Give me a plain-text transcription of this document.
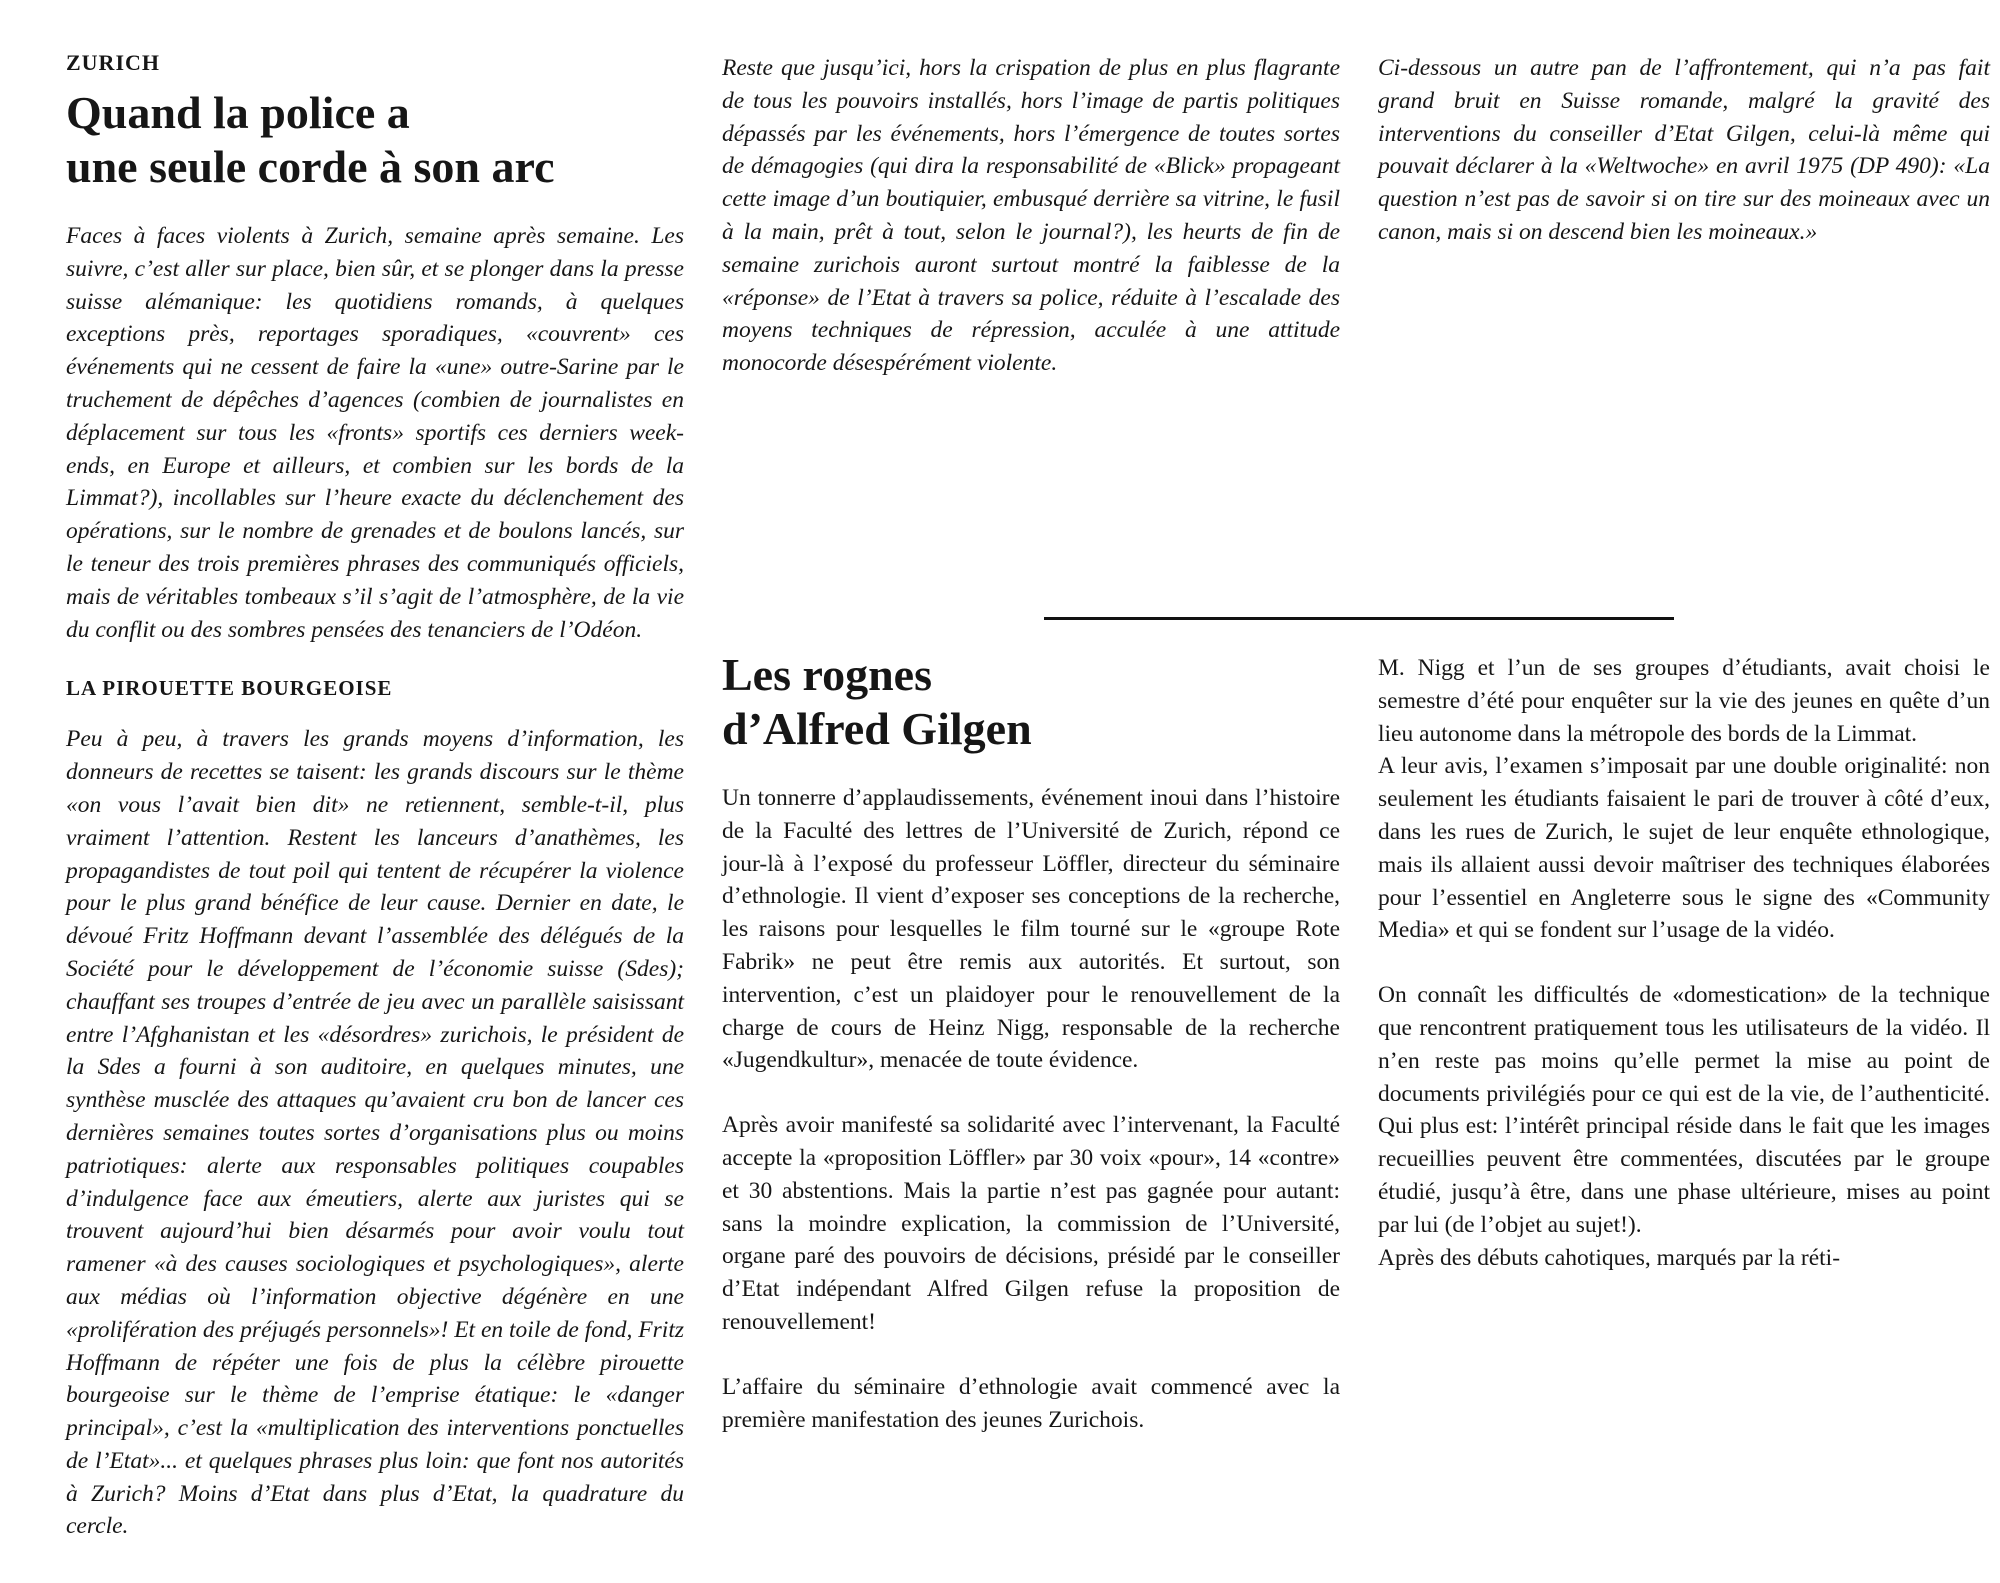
ZURICH
Quand la police a
une seule corde à son arc

Faces à faces violents à Zurich, semaine après semaine. Les suivre, c’est aller sur place, bien sûr, et se plonger dans la presse suisse alémanique: les quotidiens romands, à quelques exceptions près, reportages sporadiques, «couvrent» ces événements qui ne cessent de faire la «une» outre-Sarine par le truchement de dépêches d’agences (combien de journalistes en déplacement sur tous les «fronts» sportifs ces derniers week-ends, en Europe et ailleurs, et combien sur les bords de la Limmat?), incollables sur l’heure exacte du déclenchement des opérations, sur le nombre de grenades et de boulons lancés, sur le teneur des trois premières phrases des communiqués officiels, mais de véritables tombeaux s’il s’agit de l’atmosphère, de la vie du conflit ou des sombres pensées des tenanciers de l’Odéon.

LA PIROUETTE BOURGEOISE

Peu à peu, à travers les grands moyens d’information, les donneurs de recettes se taisent: les grands discours sur le thème «on vous l’avait bien dit» ne retiennent, semble-t-il, plus vraiment l’attention. Restent les lanceurs d’anathèmes, les propagandistes de tout poil qui tentent de récupérer la violence pour le plus grand bénéfice de leur cause. Dernier en date, le dévoué Fritz Hoffmann devant l’assemblée des délégués de la Société pour le développement de l’économie suisse (Sdes); chauffant ses troupes d’entrée de jeu avec un parallèle saisissant entre l’Afghanistan et les «désordres» zurichois, le président de la Sdes a fourni à son auditoire, en quelques minutes, une synthèse musclée des attaques qu’avaient cru bon de lancer ces dernières semaines toutes sortes d’organisations plus ou moins patriotiques: alerte aux responsables politiques coupables d’indulgence face aux émeutiers, alerte aux juristes qui se trouvent aujourd’hui bien désarmés pour avoir voulu tout ramener «à des causes sociologiques et psychologiques», alerte aux médias où l’information objective dégénère en une «prolifération des préjugés personnels»! Et en toile de fond, Fritz Hoffmann de répéter une fois de plus la célèbre pirouette bourgeoise sur le thème de l’emprise étatique: le «danger principal», c’est la «multiplication des interventions ponctuelles de l’Etat»... et quelques phrases plus loin: que font nos autorités à Zurich? Moins d’Etat dans plus d’Etat, la quadrature du cercle.

Reste que jusqu’ici, hors la crispation de plus en plus flagrante de tous les pouvoirs installés, hors l’image de partis politiques dépassés par les événements, hors l’émergence de toutes sortes de démagogies (qui dira la responsabilité de «Blick» propageant cette image d’un boutiquier, embusqué derrière sa vitrine, le fusil à la main, prêt à tout, selon le journal?), les heurts de fin de semaine zurichois auront surtout montré la faiblesse de la «réponse» de l’Etat à travers sa police, réduite à l’escalade des moyens techniques de répression, acculée à une attitude monocorde désespérément violente.

Ci-dessous un autre pan de l’affrontement, qui n’a pas fait grand bruit en Suisse romande, malgré la gravité des interventions du conseiller d’Etat Gilgen, celui-là même qui pouvait déclarer à la «Weltwoche» en avril 1975 (DP 490): «La question n’est pas de savoir si on tire sur des moineaux avec un canon, mais si on descend bien les moineaux.»

Les rognes
d’Alfred Gilgen

Un tonnerre d’applaudissements, événement inoui dans l’histoire de la Faculté des lettres de l’Université de Zurich, répond ce jour-là à l’exposé du professeur Löffler, directeur du séminaire d’ethnologie. Il vient d’exposer ses conceptions de la recherche, les raisons pour lesquelles le film tourné sur le «groupe Rote Fabrik» ne peut être remis aux autorités. Et surtout, son intervention, c’est un plaidoyer pour le renouvellement de la charge de cours de Heinz Nigg, responsable de la recherche «Jugendkultur», menacée de toute évidence.

Après avoir manifesté sa solidarité avec l’intervenant, la Faculté accepte la «proposition Löffler» par 30 voix «pour», 14 «contre» et 30 abstentions. Mais la partie n’est pas gagnée pour autant: sans la moindre explication, la commission de l’Université, organe paré des pouvoirs de décisions, présidé par le conseiller d’Etat indépendant Alfred Gilgen refuse la proposition de renouvellement!

L’affaire du séminaire d’ethnologie avait commencé avec la première manifestation des jeunes Zurichois.

M. Nigg et l’un de ses groupes d’étudiants, avait choisi le semestre d’été pour enquêter sur la vie des jeunes en quête d’un lieu autonome dans la métropole des bords de la Limmat.

A leur avis, l’examen s’imposait par une double originalité: non seulement les étudiants faisaient le pari de trouver à côté d’eux, dans les rues de Zurich, le sujet de leur enquête ethnologique, mais ils allaient aussi devoir maîtriser des techniques élaborées pour l’essentiel en Angleterre sous le signe des «Community Media» et qui se fondent sur l’usage de la vidéo.

On connaît les difficultés de «domestication» de la technique que rencontrent pratiquement tous les utilisateurs de la vidéo. Il n’en reste pas moins qu’elle permet la mise au point de documents privilégiés pour ce qui est de la vie, de l’authenticité. Qui plus est: l’intérêt principal réside dans le fait que les images recueillies peuvent être commentées, discutées par le groupe étudié, jusqu’à être, dans une phase ultérieure, mises au point par lui (de l’objet au sujet!).

Après des débuts cahotiques, marqués par la réti-
